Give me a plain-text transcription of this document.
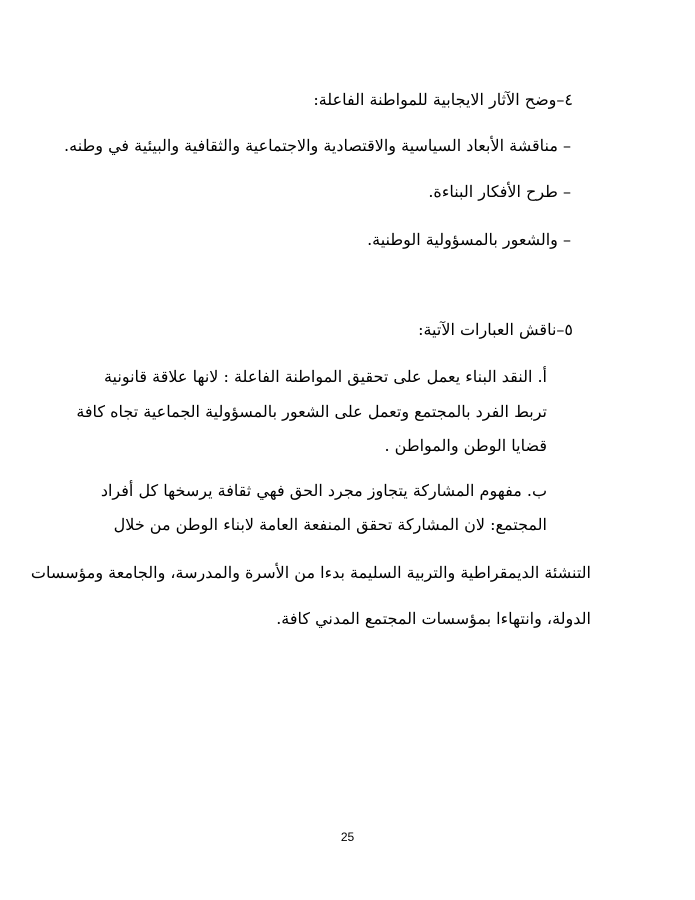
٤–وضح الآثار الايجابية للمواطنة الفاعلة:
– مناقشة الأبعاد السياسية والاقتصادية والاجتماعية والثقافية والبيئية في وطنه.
– طرح الأفكار البناءة.
– والشعور بالمسؤولية الوطنية.
٥–ناقش العبارات الآتية:
أ. النقد البناء يعمل على تحقيق المواطنة الفاعلة : لانها علاقة قانونية
تربط الفرد بالمجتمع وتعمل على الشعور بالمسؤولية الجماعية تجاه كافة
قضايا الوطن والمواطن .
ب. مفهوم المشاركة يتجاوز مجرد الحق فهي ثقافة يرسخها كل أفراد
المجتمع: لان المشاركة تحقق المنفعة العامة لابناء الوطن من خلال
التنشئة الديمقراطية والتربية السليمة بدءا من الأسرة والمدرسة، والجامعة ومؤسسات
الدولة، وانتهاءا بمؤسسات المجتمع المدني كافة.
25
